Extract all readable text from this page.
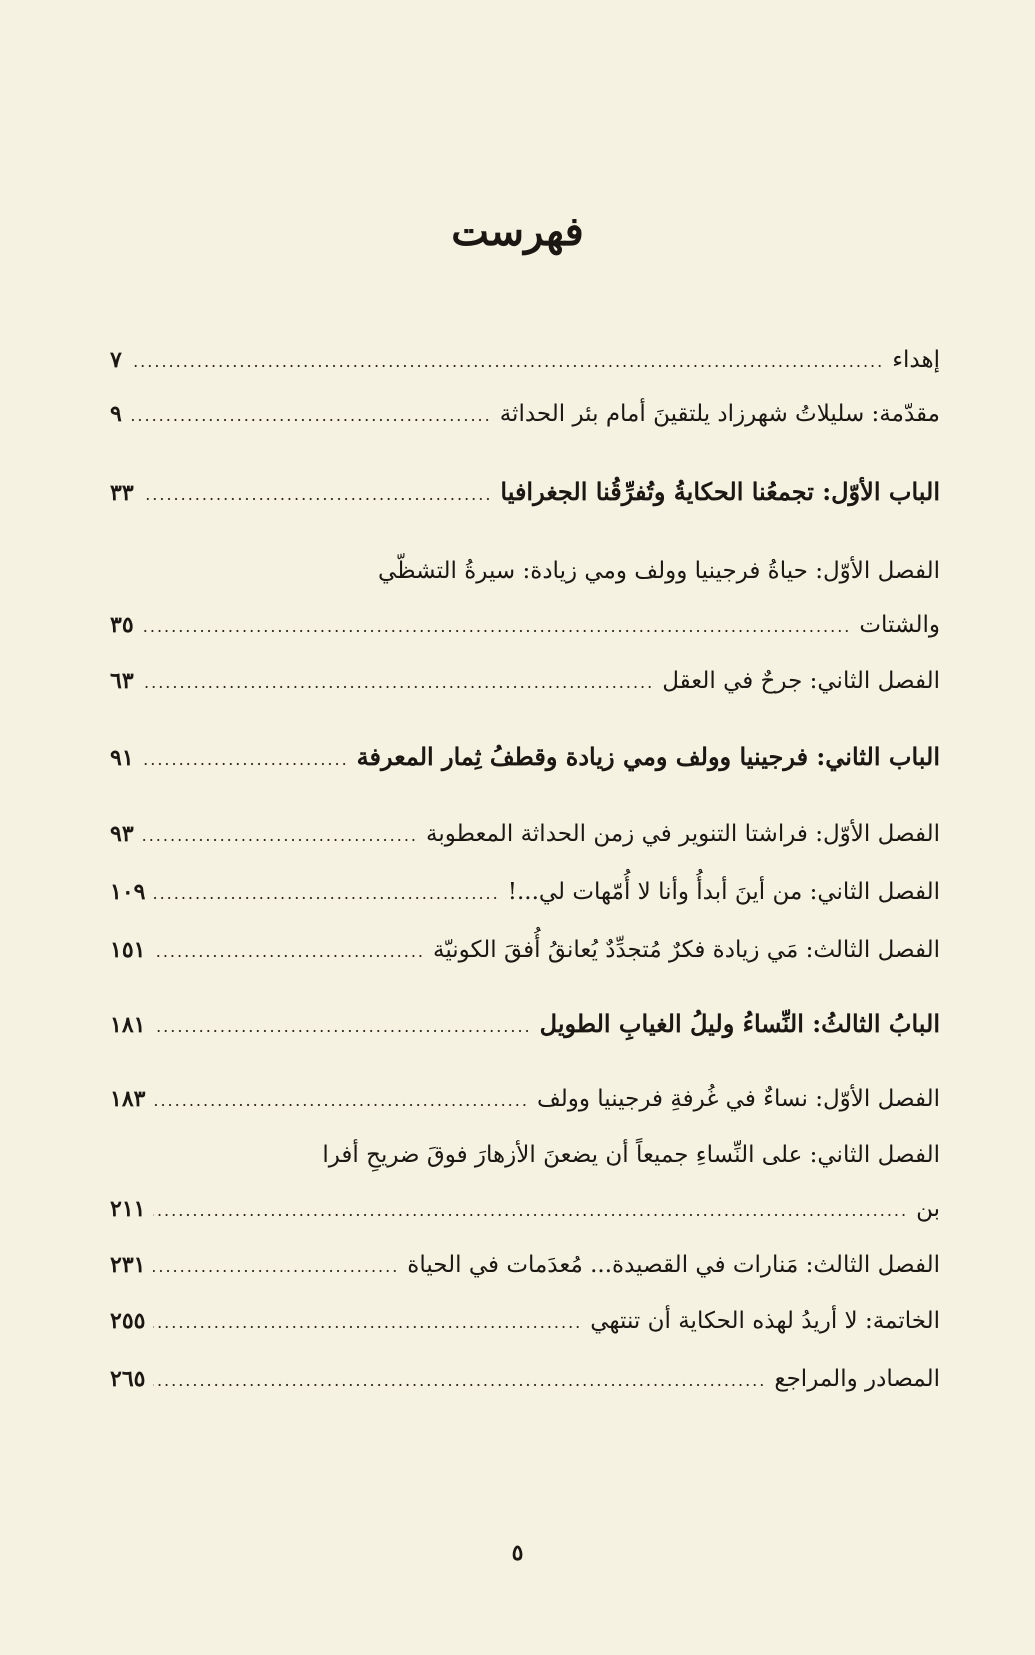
فهرست
إهداء
.....
٧
مقدّمة: سليلاتُ شهرزاد يلتقينَ أمام بئر الحداثة
.....
٩
الباب الأوّل: تجمعُنا الحكايةُ وتُفرِّقُنا الجغرافيا
.....
٣٣
الفصل الأوّل: حياةُ فرجينيا وولف ومي زيادة: سيرةُ التشظّي
والشتات
.....
٣٥
الفصل الثاني: جرحٌ في العقل
.....
٦٣
الباب الثاني: فرجينيا وولف ومي زيادة وقطفُ ثِمار المعرفة
.....
٩١
الفصل الأوّل: فراشتا التنوير في زمن الحداثة المعطوبة
.....
٩٣
الفصل الثاني: من أينَ أبدأُ وأنا لا أُمّهات لي...!
.....
١٠٩
الفصل الثالث: مَي زيادة فكرٌ مُتجدِّدٌ يُعانقُ أُفقَ الكونيّة
.....
١٥١
البابُ الثالثُ: النِّساءُ وليلُ الغيابِ الطويل
.....
١٨١
الفصل الأوّل: نساءٌ في غُرفةِ فرجينيا وولف
.....
١٨٣
الفصل الثاني: على النِّساءِ جميعاً أن يضعنَ الأزهارَ فوقَ ضريحِ أفرا
بن
.....
٢١١
الفصل الثالث: مَنارات في القصيدة... مُعدَمات في الحياة
.....
٢٣١
الخاتمة: لا أريدُ لهذه الحكاية أن تنتهي
.....
٢٥٥
المصادر والمراجع
.....
٢٦٥
٥
